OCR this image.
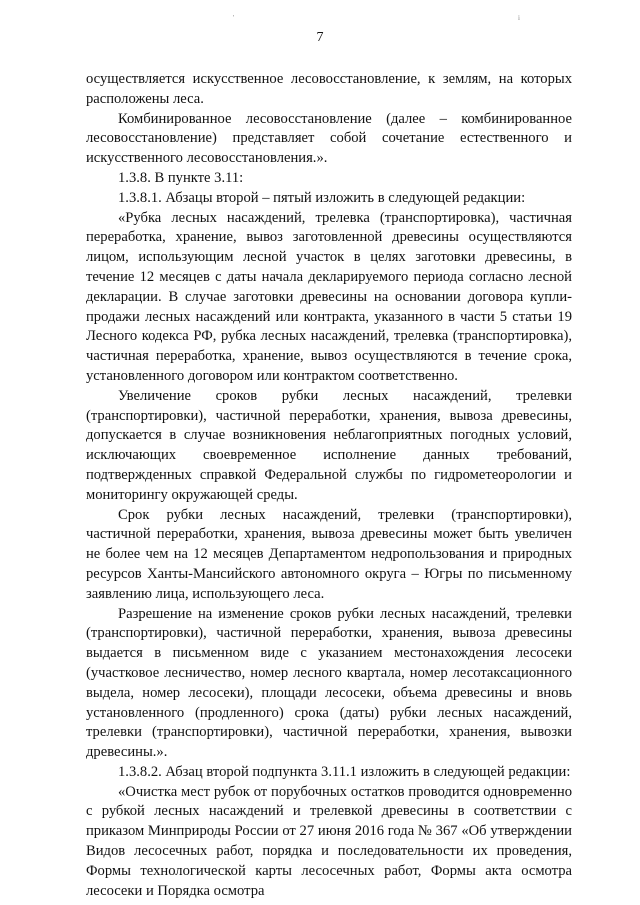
'	i
7

осуществляется искусственное лесовосстановление, к землям, на которых расположены леса.

Комбинированное лесовосстановление (далее – комбинированное лесовосстановление) представляет собой сочетание естественного и искусственного лесовосстановления.».

1.3.8. В пункте 3.11:

1.3.8.1. Абзацы второй – пятый изложить в следующей редакции:

«Рубка лесных насаждений, трелевка (транспортировка), частичная переработка, хранение, вывоз заготовленной древесины осуществляются лицом, использующим лесной участок в целях заготовки древесины, в течение 12 месяцев с даты начала декларируемого периода согласно лесной декларации. В случае заготовки древесины на основании договора купли-продажи лесных насаждений или контракта, указанного в части 5 статьи 19 Лесного кодекса РФ, рубка лесных насаждений, трелевка (транспортировка), частичная переработка, хранение, вывоз осуществляются в течение срока, установленного договором или контрактом соответственно.

Увеличение сроков рубки лесных насаждений, трелевки (транспортировки), частичной переработки, хранения, вывоза древесины, допускается в случае возникновения неблагоприятных погодных условий, исключающих своевременное исполнение данных требований, подтвержденных справкой Федеральной службы по гидрометеорологии и мониторингу окружающей среды.

Срок рубки лесных насаждений, трелевки (транспортировки), частичной переработки, хранения, вывоза древесины может быть увеличен не более чем на 12 месяцев Департаментом недропользования и природных ресурсов Ханты-Мансийского автономного округа – Югры по письменному заявлению лица, использующего леса.

Разрешение на изменение сроков рубки лесных насаждений, трелевки (транспортировки), частичной переработки, хранения, вывоза древесины выдается в письменном виде с указанием местонахождения лесосеки (участковое лесничество, номер лесного квартала, номер лесотаксационного выдела, номер лесосеки), площади лесосеки, объема древесины и вновь установленного (продленного) срока (даты) рубки лесных насаждений, трелевки (транспортировки), частичной переработки, хранения, вывозки древесины.».

1.3.8.2. Абзац второй подпункта 3.11.1 изложить в следующей редакции:

«Очистка мест рубок от порубочных остатков проводится одновременно с рубкой лесных насаждений и трелевкой древесины в соответствии с приказом Минприроды России от 27 июня 2016 года № 367 «Об утверждении Видов лесосечных работ, порядка и последовательности их проведения, Формы технологической карты лесосечных работ, Формы акта осмотра лесосеки и Порядка осмотра
